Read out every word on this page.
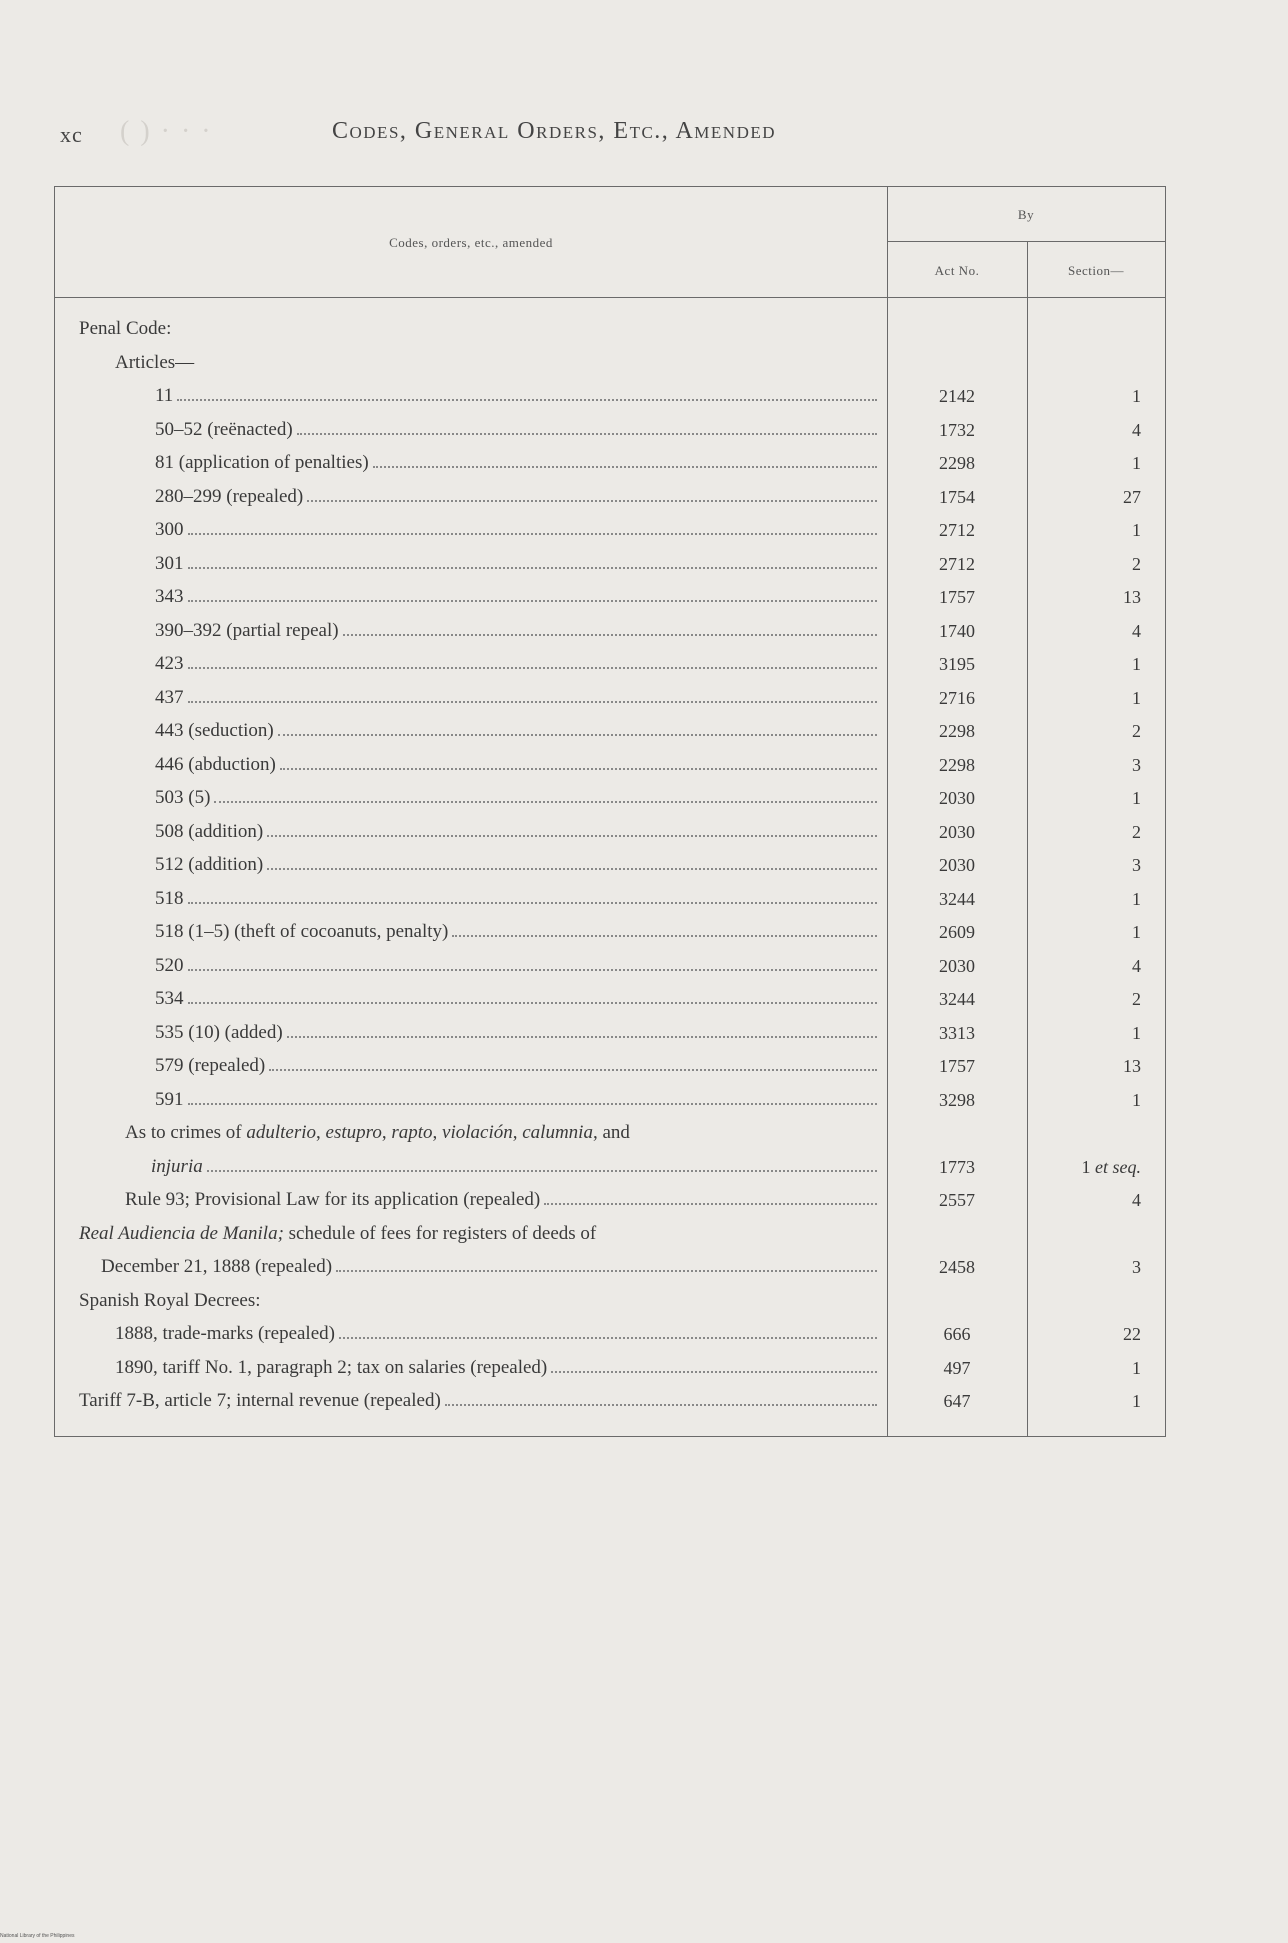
( ) · · ·
xc	Codes, General Orders, Etc., Amended
Codes, orders, etc., amended
By
Act No.	Section—
Penal Code:
Articles—
11	2142	1
50–52 (reënacted)	1732	4
81 (application of penalties)	2298	1
280–299 (repealed)	1754	27
300	2712	1
301	2712	2
343	1757	13
390–392 (partial repeal)	1740	4
423	3195	1
437	2716	1
443 (seduction)	2298	2
446 (abduction)	2298	3
503 (5)	2030	1
508 (addition)	2030	2
512 (addition)	2030	3
518	3244	1
518 (1–5) (theft of cocoanuts, penalty)	2609	1
520	2030	4
534	3244	2
535 (10) (added)	3313	1
579 (repealed)	1757	13
591	3298	1
As to crimes of adulterio, estupro, rapto, violación, calumnia, and
injuria	1773	1 et seq.
Rule 93; Provisional Law for its application (repealed)	2557	4
Real Audiencia de Manila; schedule of fees for registers of deeds of
December 21, 1888 (repealed)	2458	3
Spanish Royal Decrees:
1888, trade-marks (repealed)	666	22
1890, tariff No. 1, paragraph 2; tax on salaries (repealed)	497	1
Tariff 7-B, article 7; internal revenue (repealed)	647	1
National Library of the Philippines
